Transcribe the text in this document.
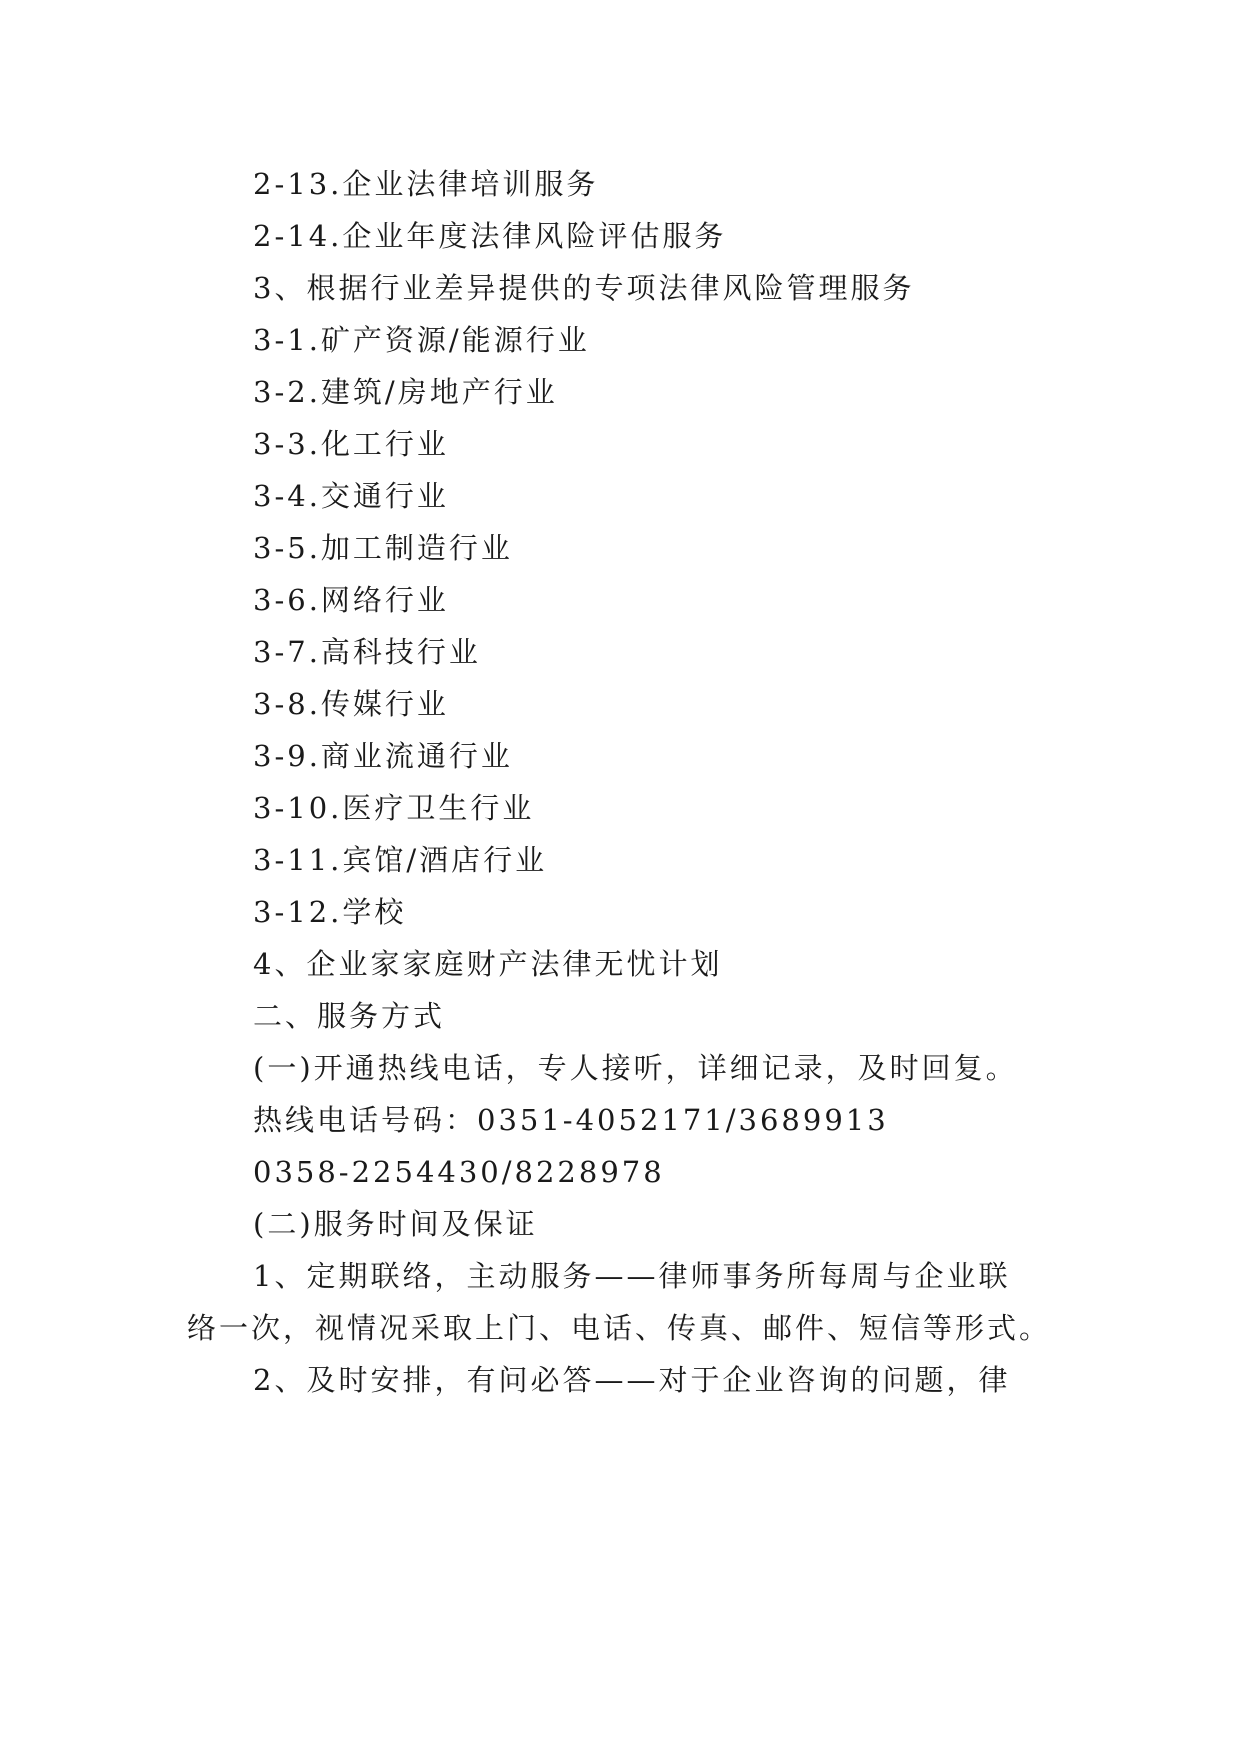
2-13.企业法律培训服务
2-14.企业年度法律风险评估服务
3、根据行业差异提供的专项法律风险管理服务
3-1.矿产资源/能源行业
3-2.建筑/房地产行业
3-3.化工行业
3-4.交通行业
3-5.加工制造行业
3-6.网络行业
3-7.高科技行业
3-8.传媒行业
3-9.商业流通行业
3-10.医疗卫生行业
3-11.宾馆/酒店行业
3-12.学校
4、企业家家庭财产法律无忧计划
二、服务方式
(一)开通热线电话，专人接听，详细记录，及时回复。
热线电话号码：0351-4052171/3689913
0358-2254430/8228978
(二)服务时间及保证
1、定期联络，主动服务——律师事务所每周与企业联
络一次，视情况采取上门、电话、传真、邮件、短信等形式。
2、及时安排，有问必答——对于企业咨询的问题，律
